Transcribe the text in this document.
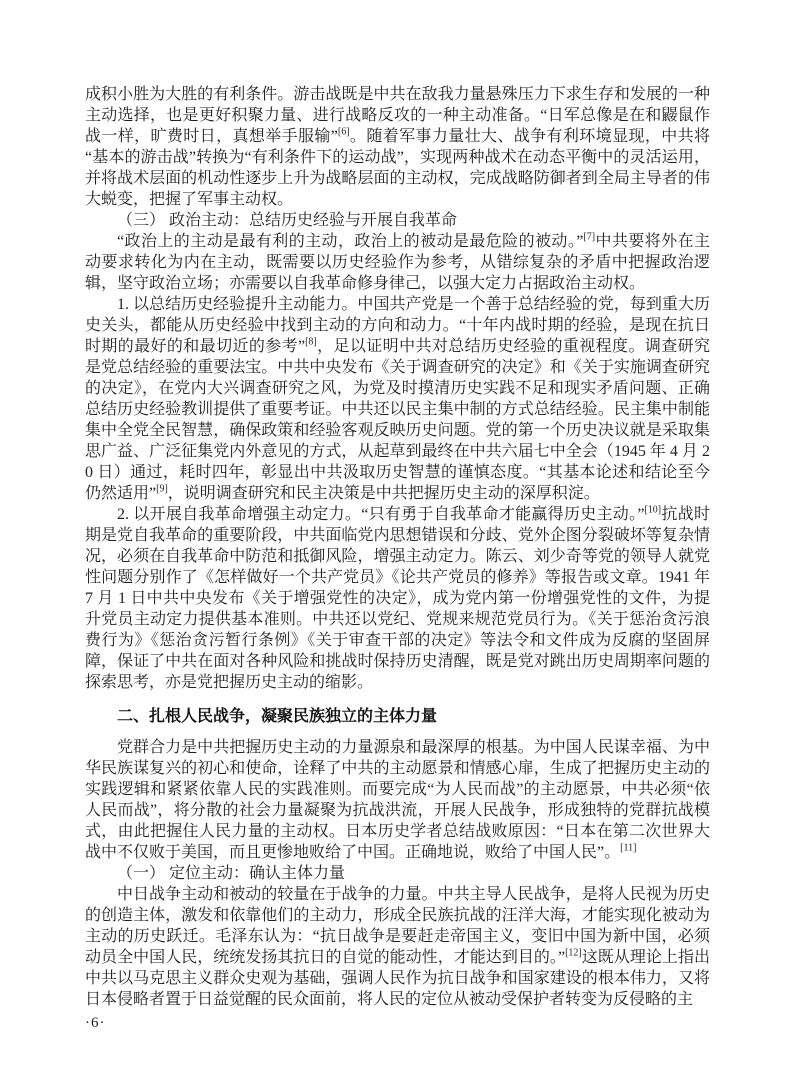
成积小胜为大胜的有利条件。游击战既是中共在敌我力量悬殊压力下求生存和发展的一种主动选择，也是更好积聚力量、进行战略反攻的一种主动准备。“日军总像是在和鼹鼠作战一样，旷费时日，真想举手服输”[6]。随着军事力量壮大、战争有利环境显现，中共将“基本的游击战”转换为“有利条件下的运动战”，实现两种战术在动态平衡中的灵活运用，并将战术层面的机动性逐步上升为战略层面的主动权，完成战略防御者到全局主导者的伟大蜕变，把握了军事主动权。

（三） 政治主动：总结历史经验与开展自我革命

“政治上的主动是最有利的主动，政治上的被动是最危险的被动。”[7]中共要将外在主动要求转化为内在主动，既需要以历史经验作为参考，从错综复杂的矛盾中把握政治逻辑，坚守政治立场；亦需要以自我革命修身律己，以强大定力占据政治主动权。

1. 以总结历史经验提升主动能力。中国共产党是一个善于总结经验的党，每到重大历史关头，都能从历史经验中找到主动的方向和动力。“十年内战时期的经验，是现在抗日时期的最好的和最切近的参考”[8]，足以证明中共对总结历史经验的重视程度。调查研究是党总结经验的重要法宝。中共中央发布《关于调查研究的决定》和《关于实施调查研究的决定》，在党内大兴调查研究之风，为党及时摸清历史实践不足和现实矛盾问题、正确总结历史经验教训提供了重要考证。中共还以民主集中制的方式总结经验。民主集中制能集中全党全民智慧，确保政策和经验客观反映历史问题。党的第一个历史决议就是采取集思广益、广泛征集党内外意见的方式，从起草到最终在中共六届七中全会（1945 年 4 月 20 日）通过，耗时四年，彰显出中共汲取历史智慧的谨慎态度。“其基本论述和结论至今仍然适用”[9]，说明调查研究和民主决策是中共把握历史主动的深厚积淀。

2. 以开展自我革命增强主动定力。“只有勇于自我革命才能赢得历史主动。”[10]抗战时期是党自我革命的重要阶段，中共面临党内思想错误和分歧、党外企图分裂破坏等复杂情况，必须在自我革命中防范和抵御风险，增强主动定力。陈云、刘少奇等党的领导人就党性问题分别作了《怎样做好一个共产党员》《论共产党员的修养》等报告或文章。1941 年 7 月 1 日中共中央发布《关于增强党性的决定》，成为党内第一份增强党性的文件，为提升党员主动定力提供基本准则。中共还以党纪、党规来规范党员行为。《关于惩治贪污浪费行为》《惩治贪污暂行条例》《关于审查干部的决定》等法令和文件成为反腐的坚固屏障，保证了中共在面对各种风险和挑战时保持历史清醒，既是党对跳出历史周期率问题的探索思考，亦是党把握历史主动的缩影。

二、扎根人民战争，凝聚民族独立的主体力量

党群合力是中共把握历史主动的力量源泉和最深厚的根基。为中国人民谋幸福、为中华民族谋复兴的初心和使命，诠释了中共的主动愿景和情感心扉，生成了把握历史主动的实践逻辑和紧紧依靠人民的实践准则。而要完成“为人民而战”的主动愿景，中共必须“依人民而战”，将分散的社会力量凝聚为抗战洪流，开展人民战争，形成独特的党群抗战模式，由此把握住人民力量的主动权。日本历史学者总结战败原因：“日本在第二次世界大战中不仅败于美国，而且更惨地败给了中国。正确地说，败给了中国人民”。[11]

（一） 定位主动：确认主体力量

中日战争主动和被动的较量在于战争的力量。中共主导人民战争，是将人民视为历史的创造主体，激发和依靠他们的主动力，形成全民族抗战的汪洋大海，才能实现化被动为主动的历史跃迁。毛泽东认为：“抗日战争是要赶走帝国主义，变旧中国为新中国，必须动员全中国人民，统统发扬其抗日的自觉的能动性，才能达到目的。”[12]这既从理论上指出中共以马克思主义群众史观为基础，强调人民作为抗日战争和国家建设的根本伟力，又将日本侵略者置于日益觉醒的民众面前，将人民的定位从被动受保护者转变为反侵略的主

·6·
